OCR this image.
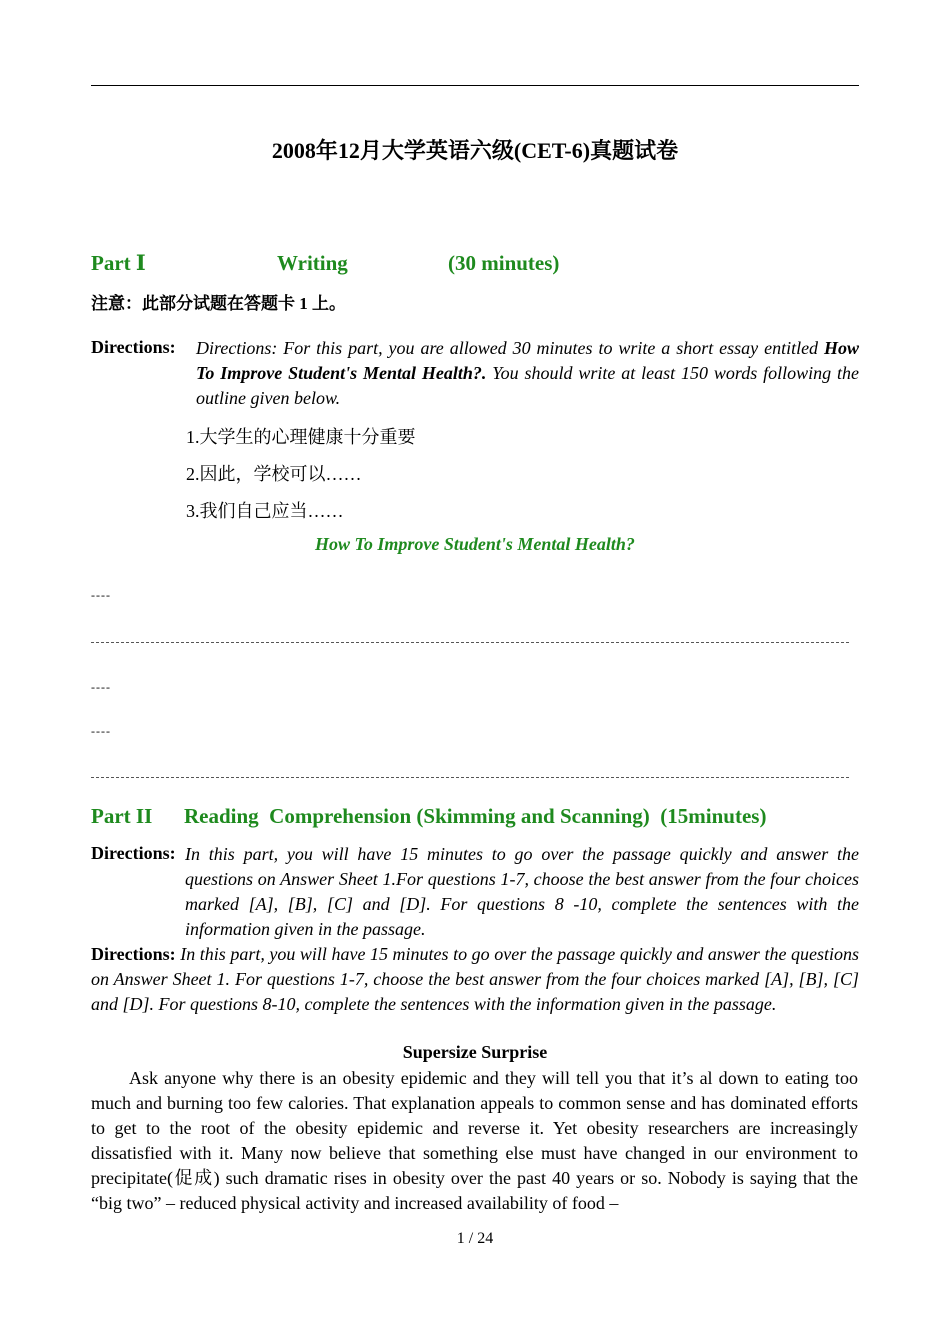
2008年12月大学英语六级(CET-6)真题试卷
Part Ⅰ	Writing	(30 minutes)
注意：此部分试题在答题卡 1 上。
Directions: Directions: For this part, you are allowed 30 minutes to write a short essay entitled How To Improve Student's Mental Health?. You should write at least 150 words following the outline given below.
1.大学生的心理健康十分重要
2.因此，学校可以……
3.我们自己应当……
How To Improve Student's Mental Health?
----
----
----
Part II Reading  Comprehension (Skimming and Scanning)  (15minutes)
Directions: In this part, you will have 15 minutes to go over the passage quickly and answer the questions on Answer Sheet 1.For questions 1-7, choose the best answer from the four choices marked [A], [B], [C] and [D]. For questions 8 -10, complete the sentences with the information given in the passage.
Directions: In this part, you will have 15 minutes to go over the passage quickly and answer the questions on Answer Sheet 1. For questions 1-7, choose the best answer from the four choices marked [A], [B], [C] and [D]. For questions 8-10, complete the sentences with the information given in the passage.
Supersize Surprise
Ask anyone why there is an obesity epidemic and they will tell you that it’s al down to eating too much and burning too few calories. That explanation appeals to common sense and has dominated efforts to get to the root of the obesity epidemic and reverse it. Yet obesity researchers are increasingly dissatisfied with it. Many now believe that something else must have changed in our environment to precipitate(促成) such dramatic rises in obesity over the past 40 years or so. Nobody is saying that the “big two” – reduced physical activity and increased availability of food –
1 / 24
